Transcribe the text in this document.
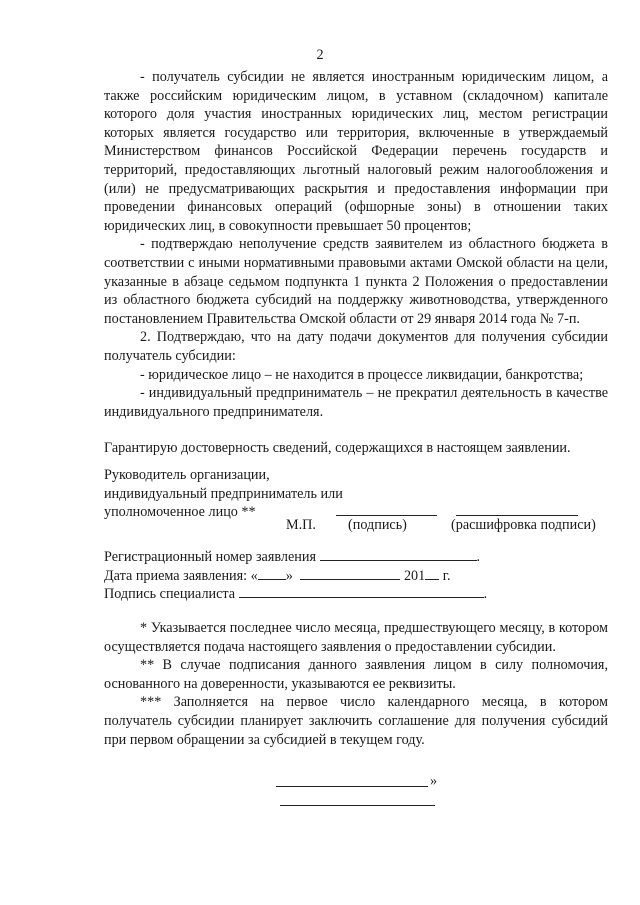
2

- получатель субсидии не является иностранным юридическим лицом, а также российским юридическим лицом, в уставном (складочном) капитале которого доля участия иностранных юридических лиц, местом регистрации которых является государство или территория, включенные в утверждаемый Министерством финансов Российской Федерации перечень государств и территорий, предоставляющих льготный налоговый режим налогообложения и (или) не предусматривающих раскрытия и предоставления информации при проведении финансовых операций (офшорные зоны) в отношении таких юридических лиц, в совокупности превышает 50 процентов;

- подтверждаю неполучение средств заявителем из областного бюджета в соответствии с иными нормативными правовыми актами Омской области на цели, указанные в абзаце седьмом подпункта 1 пункта 2 Положения о предоставлении из областного бюджета субсидий на поддержку животноводства, утвержденного постановлением Правительства Омской области от 29 января 2014 года № 7-п.

2. Подтверждаю, что на дату подачи документов для получения субсидии получатель субсидии:

- юридическое лицо – не находится в процессе ликвидации, банкротства;

- индивидуальный предприниматель – не прекратил деятельность в качестве индивидуального предпринимателя.

Гарантирую достоверность сведений, содержащихся в настоящем заявлении.

Руководитель организации,

индивидуальный предприниматель или

уполномоченное лицо **

М.П. (подпись)	(расшифровка подписи)

Регистрационный номер заявления	.

Дата приема заявления: « »	201 г.

Подпись специалиста	.

* Указывается последнее число месяца, предшествующего месяцу, в котором осуществляется подача настоящего заявления о предоставлении субсидии.

** В случае подписания данного заявления лицом в силу полномочия, основанного на доверенности, указываются ее реквизиты.

*** Заполняется на первое число календарного месяца, в котором получатель субсидии планирует заключить соглашение для получения субсидий при первом обращении за субсидией в текущем году.

»
